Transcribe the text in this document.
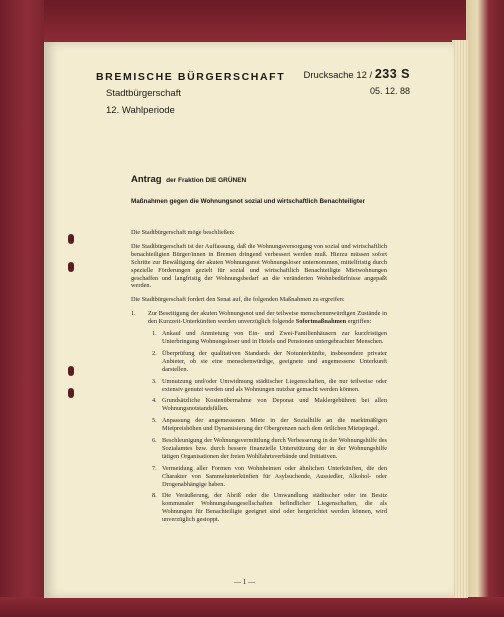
BREMISCHE BÜRGERSCHAFT
Stadtbürgerschaft
12. Wahlperiode
Drucksache 12 / 233 S
05. 12. 88
Antrag der Fraktion DIE GRÜNEN
Maßnahmen gegen die Wohnungsnot sozial und wirtschaftlich Benachteiligter

Die Stadtbürgerschaft möge beschließen:

Die Stadtbürgerschaft ist der Auffassung, daß die Wohnungsversorgung von sozial und wirtschaftlich benachteiligten Bürger/innen in Bremen dringend verbessert werden muß. Hierzu müssen sofort Schritte zur Bewältigung der akuten Wohnungsnot Wohnungsloser unternommen, mittelfristig durch spezielle Förderungen gezielt für sozial und wirtschaftlich Benachteiligte Mietwohnungen geschaffen und langfristig der Wohnungsbedarf an die veränderten Wohnbedürfnisse angepaßt werden.

Die Stadtbürgerschaft fordert den Senat auf, die folgenden Maßnahmen zu ergreifen:

1. Zur Beseitigung der akuten Wohnungsnot und der teilweise menschenunwürdigen Zustände in den Kurzzeit-Unterkünften werden unverzüglich folgende Sofortmaßnahmen ergriffen:
1. Ankauf und Anmietung von Ein- und Zwei-Familienhäusern zur kurzfristigen Unterbringung Wohnungsloser und in Hotels und Pensionen untergebrachter Menschen.
2. Überprüfung der qualitativen Standards der Notunterkünfte, insbesondere privater Anbieter, ob sie eine menschenwürdige, geeignete und angemessene Unterkunft darstellen.
3. Umnutzung und/oder Umwidmung städtischer Liegenschaften, die nur teilweise oder extensiv genutzt werden und als Wohnungen nutzbar gemacht werden können.
4. Grundsätzliche Kostenübernahme von Deponat und Maklergebühren bei allen Wohnungsnotstandsfällen.
5. Anpassung der angemessenen Miete in der Sozialhilfe an die marktmäßigen Mietpreishöhen und Dynamisierung der Obergrenzen nach dem örtlichen Mietspiegel.
6. Beschleunigung der Wohnungsvermittlung durch Verbesserung in der Wohnungshilfe des Sozialamtes bzw. durch bessere finanzielle Unterstützung der in der Wohnungshilfe tätigen Organisationen der freien Wohlfahrtsverbände und Initiativen.
7. Vermeidung aller Formen von Wohnheimen oder ähnlichen Unterkünften, die den Charakter von Sammelunterkünften für Asylsuchende, Aussiedler, Alkohol- oder Drogenabhängige haben.
8. Die Veräußerung, der Abriß oder die Umwandlung städtischer oder im Besitz kommunaler Wohnungsbaugesellschaften befindlicher Liegenschaften, die als Wohnungen für Benachteiligte geeignet sind oder hergerichtet werden können, wird unverzüglich gestoppt.
— 1 —
